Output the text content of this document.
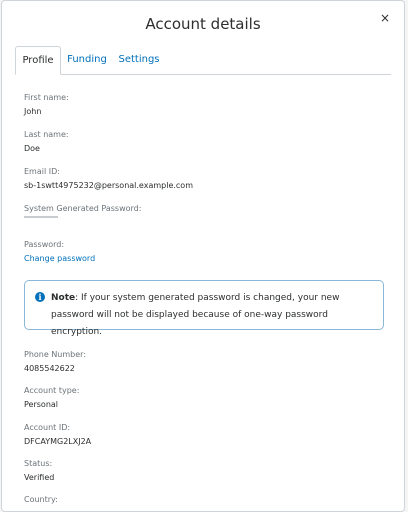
Account details	×
Profile	Funding	Settings
First name:
John
Last name:
Doe
Email ID:
sb-1swtt4975232@personal.example.com
System Generated Password:
Password:
Change password
i	Note: If your system generated password is changed, your new password will not be displayed because of one-way password encryption.
Phone Number:
4085542622
Account type:
Personal
Account ID:
DFCAYMG2LXJ2A
Status:
Verified
Country:
